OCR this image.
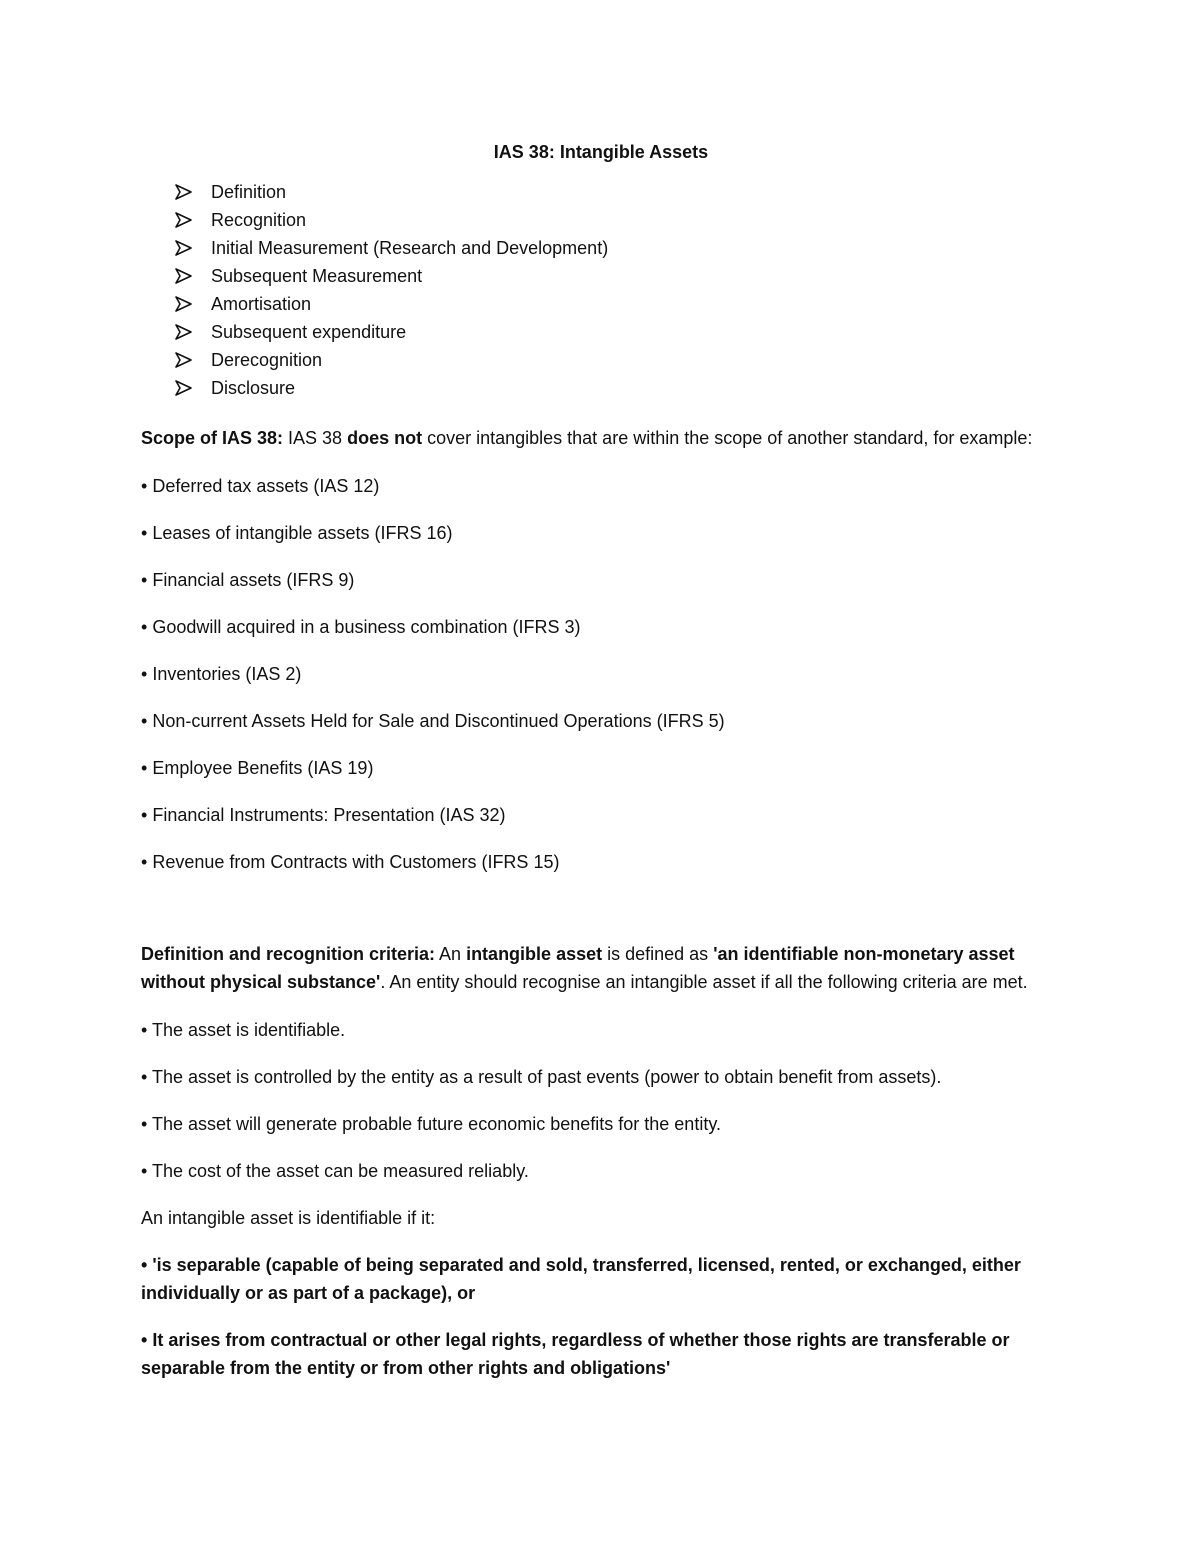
IAS 38: Intangible Assets
Definition
Recognition
Initial Measurement (Research and Development)
Subsequent Measurement
Amortisation
Subsequent expenditure
Derecognition
Disclosure

Scope of IAS 38: IAS 38 does not cover intangibles that are within the scope of another standard, for example:

• Deferred tax assets (IAS 12)

• Leases of intangible assets (IFRS 16)

• Financial assets (IFRS 9)

• Goodwill acquired in a business combination (IFRS 3)

• Inventories (IAS 2)

• Non-current Assets Held for Sale and Discontinued Operations (IFRS 5)

• Employee Benefits (IAS 19)

• Financial Instruments: Presentation (IAS 32)

• Revenue from Contracts with Customers (IFRS 15)

Definition and recognition criteria: An intangible asset is defined as 'an identifiable non-monetary asset without physical substance'. An entity should recognise an intangible asset if all the following criteria are met.

• The asset is identifiable.

• The asset is controlled by the entity as a result of past events (power to obtain benefit from assets).

• The asset will generate probable future economic benefits for the entity.

• The cost of the asset can be measured reliably.

An intangible asset is identifiable if it:

• 'is separable (capable of being separated and sold, transferred, licensed, rented, or exchanged, either individually or as part of a package), or

• It arises from contractual or other legal rights, regardless of whether those rights are transferable or separable from the entity or from other rights and obligations'
